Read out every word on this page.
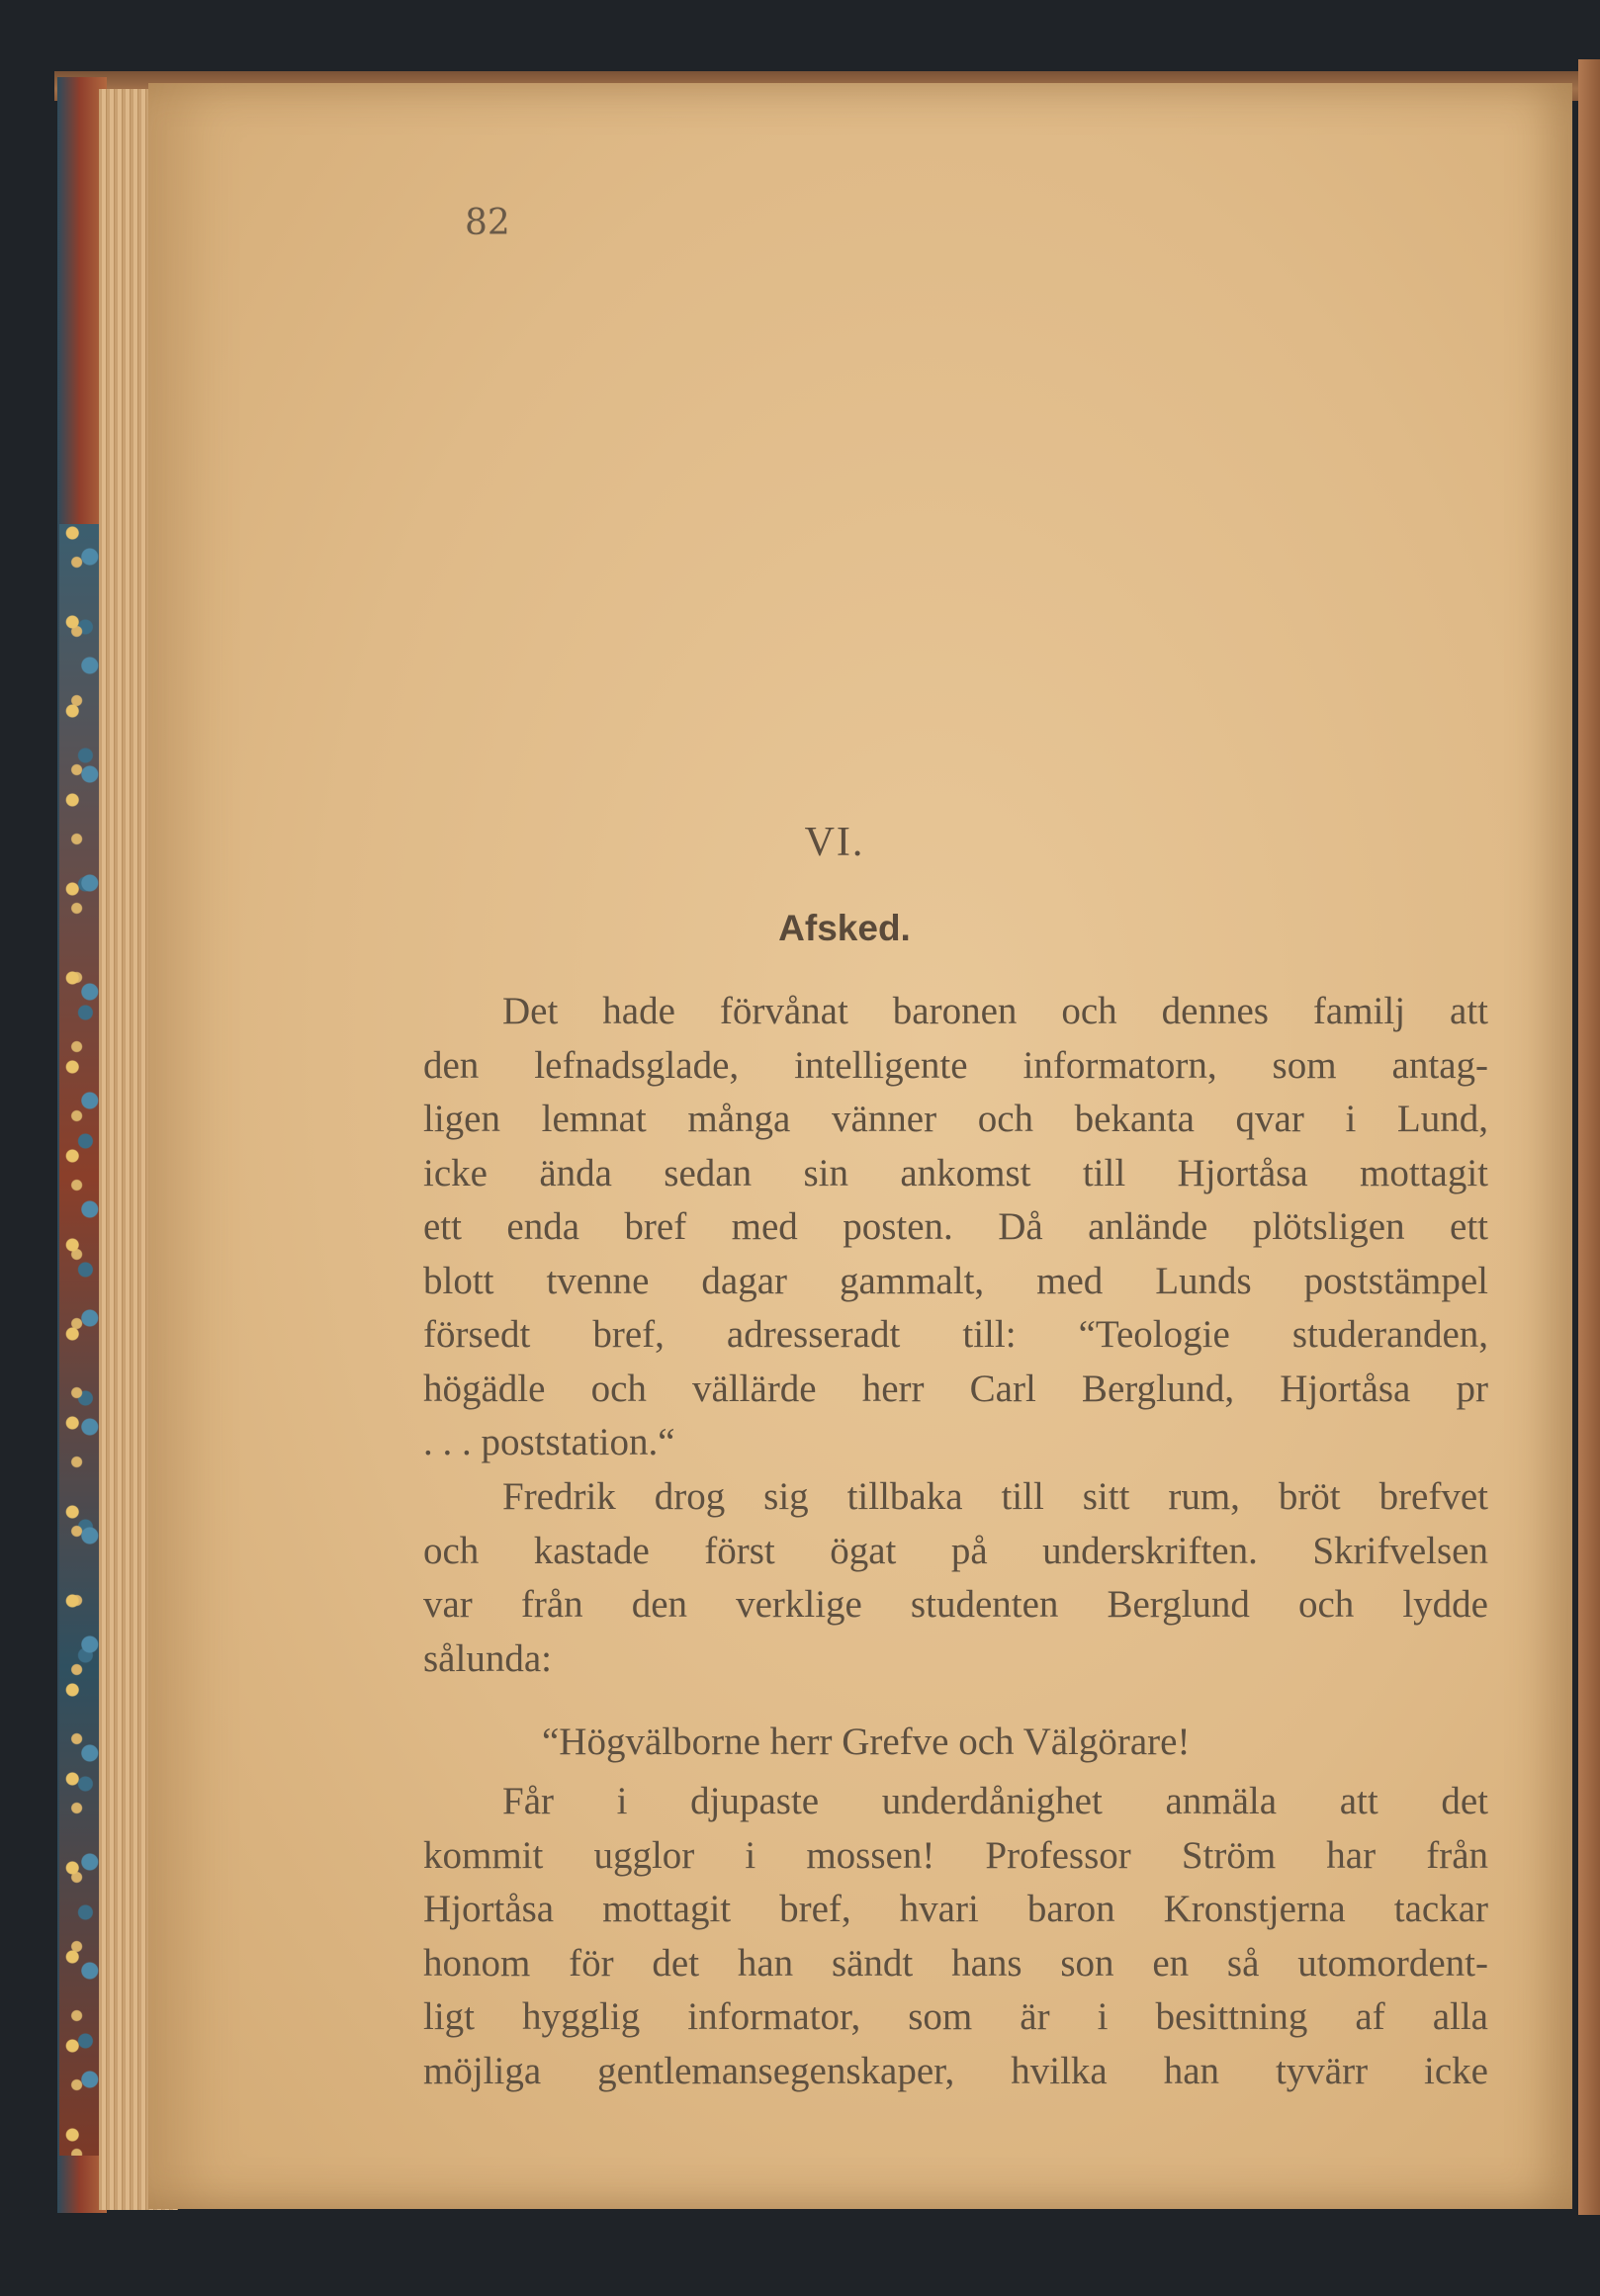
82
VI.
Afsked.
Det hade förvånat baronen och dennes familj att
den lefnadsglade, intelligente informatorn, som antag-
ligen lemnat många vänner och bekanta qvar i Lund,
icke ända sedan sin ankomst till Hjortåsa mottagit
ett enda bref med posten. Då anlände plötsligen ett
blott tvenne dagar gammalt, med Lunds poststämpel
försedt bref, adresseradt till: “Teologie studeranden,
högädle och vällärde herr Carl Berglund, Hjortåsa pr
. . . poststation.“
Fredrik drog sig tillbaka till sitt rum, bröt brefvet
och kastade först ögat på underskriften. Skrifvelsen
var från den verklige studenten Berglund och lydde
sålunda:
“Högvälborne herr Grefve och Välgörare!
Får i djupaste underdånighet anmäla att det
kommit ugglor i mossen! Professor Ström har från
Hjortåsa mottagit bref, hvari baron Kronstjerna tackar
honom för det han sändt hans son en så utomordent-
ligt hygglig informator, som är i besittning af alla
möjliga gentlemansegenskaper, hvilka han tyvärr icke
